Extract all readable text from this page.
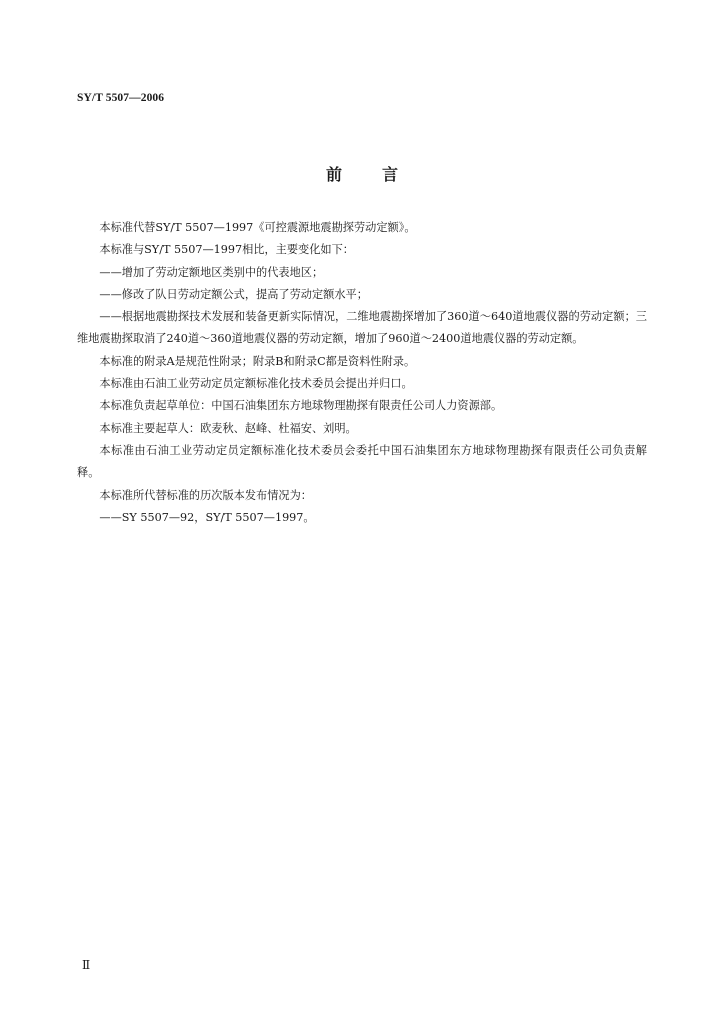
SY/T 5507—2006

前言

本标准代替SY/T 5507—1997《可控震源地震勘探劳动定额》。

本标准与SY/T 5507—1997相比，主要变化如下：

——增加了劳动定额地区类别中的代表地区；

——修改了队日劳动定额公式，提高了劳动定额水平；

——根据地震勘探技术发展和装备更新实际情况，二维地震勘探增加了360道～640道地震仪器的劳动定额；三维地震勘探取消了240道～360道地震仪器的劳动定额，增加了960道～2400道地震仪器的劳动定额。

本标准的附录A是规范性附录；附录B和附录C都是资料性附录。

本标准由石油工业劳动定员定额标准化技术委员会提出并归口。

本标准负责起草单位：中国石油集团东方地球物理勘探有限责任公司人力资源部。

本标准主要起草人：欧麦秋、赵峰、杜福安、刘明。

本标准由石油工业劳动定员定额标准化技术委员会委托中国石油集团东方地球物理勘探有限责任公司负责解释。

本标准所代替标准的历次版本发布情况为：

——SY 5507—92，SY/T 5507—1997。

Ⅱ
